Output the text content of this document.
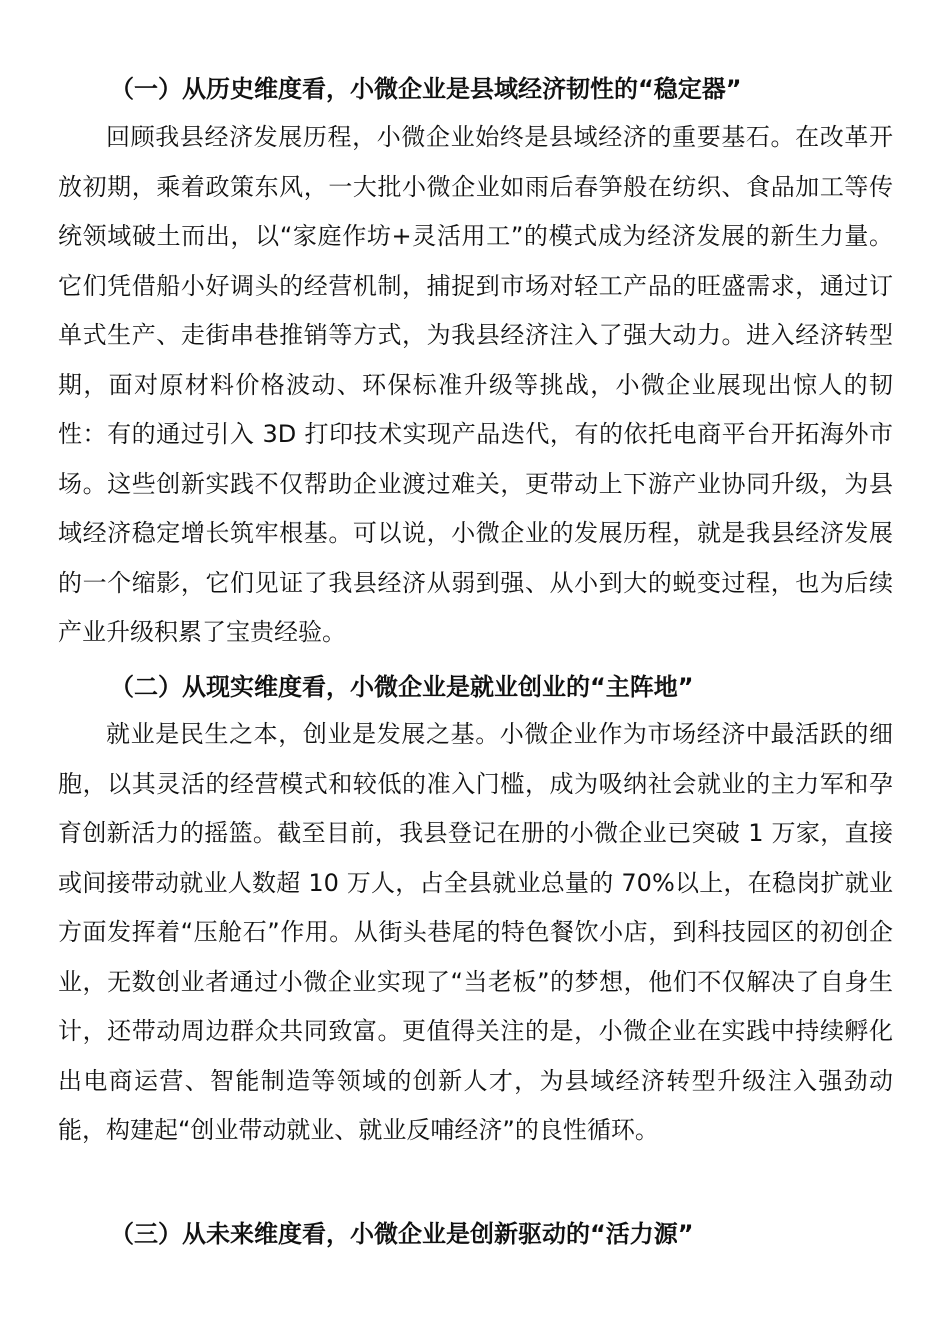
（一）从历史维度看，小微企业是县域经济韧性的“稳定器”

回顾我县经济发展历程，小微企业始终是县域经济的重要基石。在改革开放初期，乘着政策东风，一大批小微企业如雨后春笋般在纺织、食品加工等传统领域破土而出，以“家庭作坊+灵活用工”的模式成为经济发展的新生力量。它们凭借船小好调头的经营机制，捕捉到市场对轻工产品的旺盛需求，通过订单式生产、走街串巷推销等方式，为我县经济注入了强大动力。进入经济转型期，面对原材料价格波动、环保标准升级等挑战，小微企业展现出惊人的韧性：有的通过引入 3D 打印技术实现产品迭代，有的依托电商平台开拓海外市场。这些创新实践不仅帮助企业渡过难关，更带动上下游产业协同升级，为县域经济稳定增长筑牢根基。可以说，小微企业的发展历程，就是我县经济发展的一个缩影，它们见证了我县经济从弱到强、从小到大的蜕变过程，也为后续产业升级积累了宝贵经验。

（二）从现实维度看，小微企业是就业创业的“主阵地”

就业是民生之本，创业是发展之基。小微企业作为市场经济中最活跃的细胞，以其灵活的经营模式和较低的准入门槛，成为吸纳社会就业的主力军和孕育创新活力的摇篮。截至目前，我县登记在册的小微企业已突破 1 万家，直接或间接带动就业人数超 10 万人，占全县就业总量的 70%以上，在稳岗扩就业方面发挥着“压舱石”作用。从街头巷尾的特色餐饮小店，到科技园区的初创企业，无数创业者通过小微企业实现了“当老板”的梦想，他们不仅解决了自身生计，还带动周边群众共同致富。更值得关注的是，小微企业在实践中持续孵化出电商运营、智能制造等领域的创新人才，为县域经济转型升级注入强劲动能，构建起“创业带动就业、就业反哺经济”的良性循环。

（三）从未来维度看，小微企业是创新驱动的“活力源”
